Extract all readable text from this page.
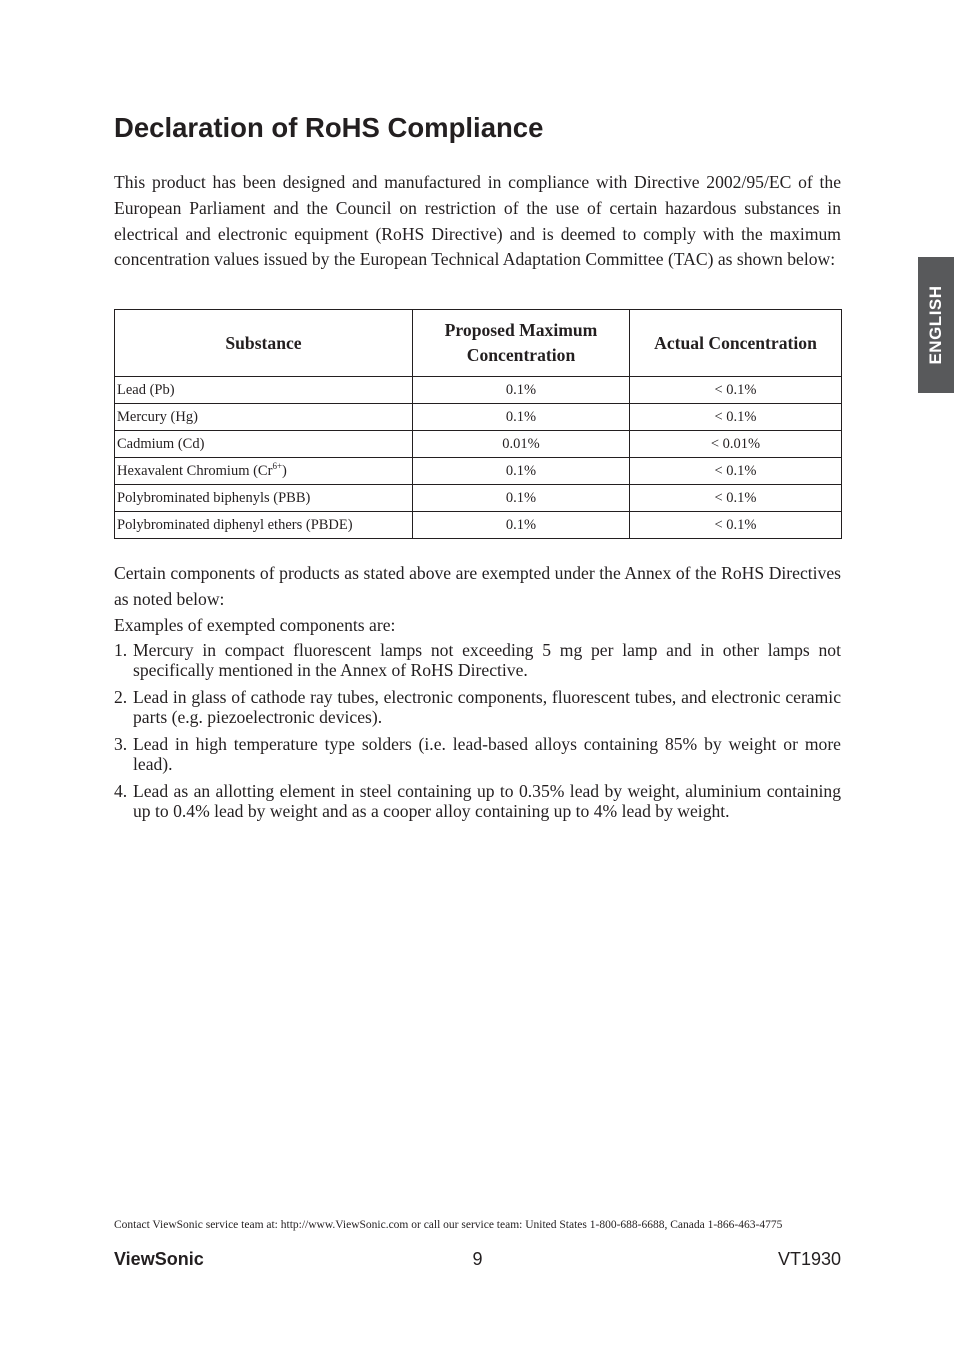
Declaration of RoHS Compliance

This product has been designed and manufactured in compliance with Directive 2002/95/EC of the European Parliament and the Council on restriction of the use of certain hazardous substances in electrical and electronic equipment (RoHS Directive) and is deemed to comply with the maximum concentration values issued by the European Technical Adaptation Committee (TAC) as shown below:

Substance	Proposed Maximum Concentration	Actual Concentration
Lead (Pb)	0.1%	< 0.1%
Mercury (Hg)	0.1%	< 0.1%
Cadmium (Cd)	0.01%	< 0.01%
Hexavalent Chromium $(Cr^{6+})$	0.1%	< 0.1%
Polybrominated biphenyls (PBB)	0.1%	< 0.1%
Polybrominated diphenyl ethers (PBDE)	0.1%	< 0.1%

Certain components of products as stated above are exempted under the Annex of the RoHS Directives as noted below:

Examples of exempted components are:

1. Mercury in compact fluorescent lamps not exceeding 5 mg per lamp and in other lamps not specifically mentioned in the Annex of RoHS Directive.
2. Lead in glass of cathode ray tubes, electronic components, fluorescent tubes, and electronic ceramic parts (e.g. piezoelectronic devices).
3. Lead in high temperature type solders (i.e. lead-based alloys containing 85% by weight or more lead).
4. Lead as an allotting element in steel containing up to 0.35% lead by weight, aluminium containing up to 0.4% lead by weight and as a cooper alloy containing up to 4% lead by weight.
ENGLISH
Contact ViewSonic service team at: http://www.ViewSonic.com or call our service team: United States 1-800-688-6688, Canada 1-866-463-4775
ViewSonic	9	VT1930
